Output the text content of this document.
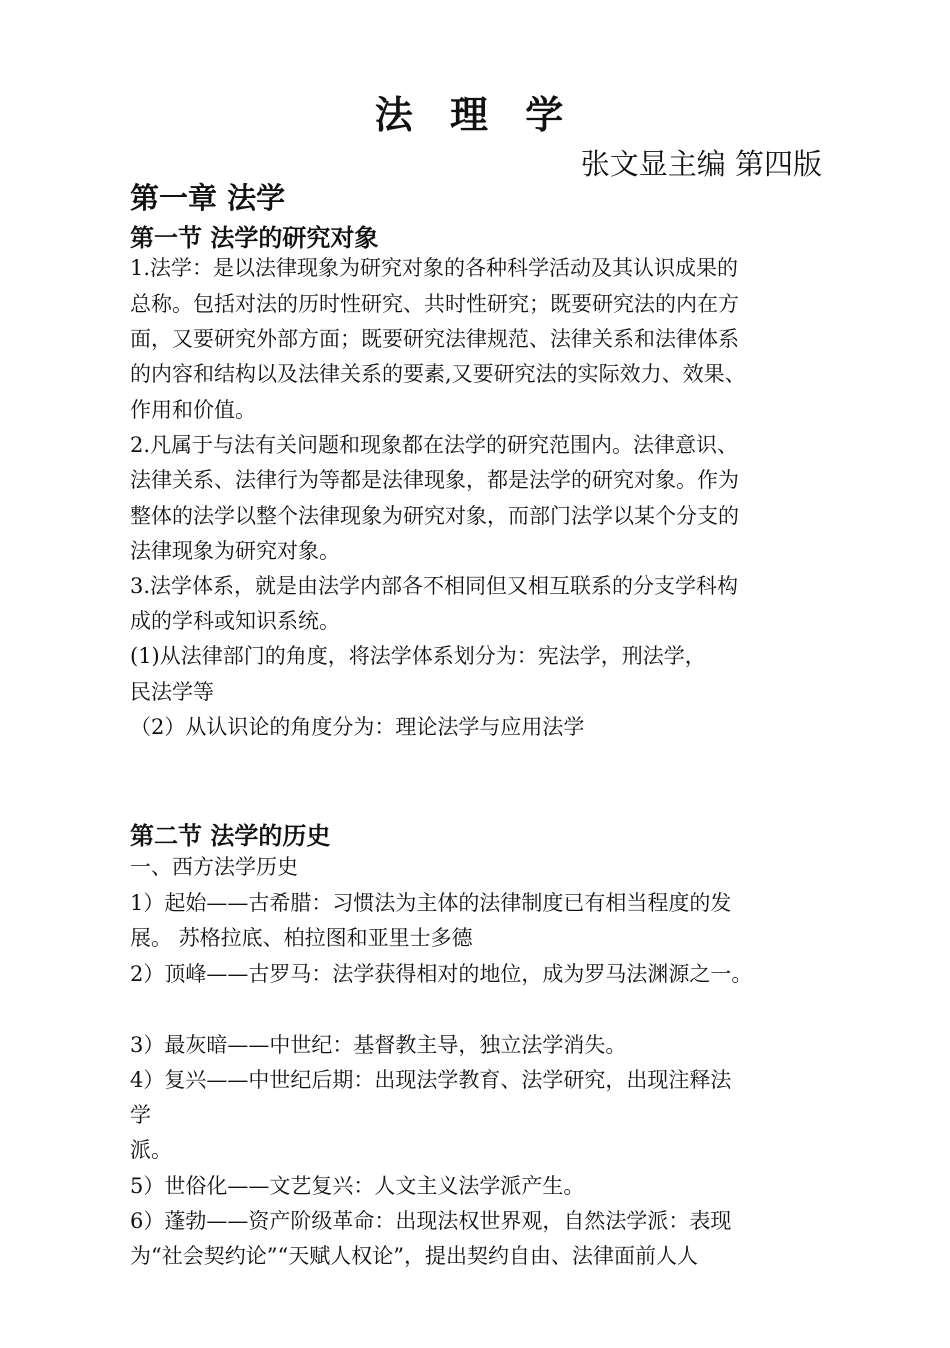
法 理 学
张文显主编 第四版
第一章 法学
第一节 法学的研究对象
1.法学：是以法律现象为研究对象的各种科学活动及其认识成果的
总称。包括对法的历时性研究、共时性研究；既要研究法的内在方
面，又要研究外部方面；既要研究法律规范、法律关系和法律体系
的内容和结构以及法律关系的要素,又要研究法的实际效力、效果、
作用和价值。
2.凡属于与法有关问题和现象都在法学的研究范围内。法律意识、
法律关系、法律行为等都是法律现象，都是法学的研究对象。作为
整体的法学以整个法律现象为研究对象，而部门法学以某个分支的
法律现象为研究对象。
3.法学体系，就是由法学内部各不相同但又相互联系的分支学科构
成的学科或知识系统。
(1)从法律部门的角度，将法学体系划分为：宪法学，刑法学，
民法学等
（2）从认识论的角度分为：理论法学与应用法学
第二节 法学的历史
一、西方法学历史
1）起始——古希腊：习惯法为主体的法律制度已有相当程度的发
展。 苏格拉底、柏拉图和亚里士多德
2）顶峰——古罗马：法学获得相对的地位，成为罗马法渊源之一。
3）最灰暗——中世纪：基督教主导，独立法学消失。
4）复兴——中世纪后期：出现法学教育、法学研究，出现注释法
学
派。
5）世俗化——文艺复兴：人文主义法学派产生。
6）蓬勃——资产阶级革命：出现法权世界观，自然法学派：表现
为“社会契约论”“天赋人权论”，提出契约自由、法律面前人人
